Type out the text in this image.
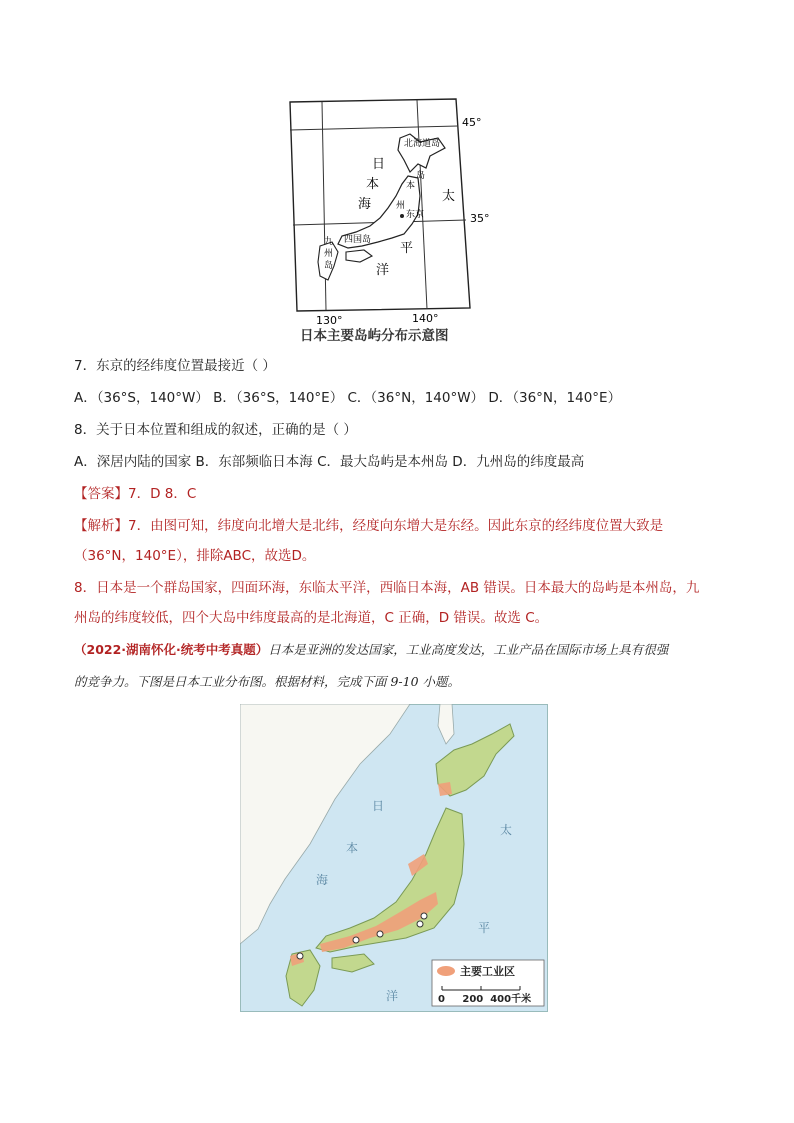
45°
35°
130°	140°
日
本
海
太
平
洋
北海道岛
本
岛
州
东京
四国岛
九
州
岛
日本主要岛屿分布示意图
7．东京的经纬度位置最接近（ ）
A．（36°S，140°W） B．（36°S，140°E） C．（36°N，140°W） D．（36°N，140°E）
8．关于日本位置和组成的叙述，正确的是（ ）
A．深居内陆的国家 B．东部频临日本海 C．最大岛屿是本州岛 D．九州岛的纬度最高
【答案】7．D 8．C
【解析】7．由图可知，纬度向北增大是北纬，经度向东增大是东经。因此东京的经纬度位置大致是
（36°N，140°E），排除ABC，故选D。
8．日本是一个群岛国家，四面环海，东临太平洋，西临日本海，AB 错误。日本最大的岛屿是本州岛，九
州岛的纬度较低，四个大岛中纬度最高的是北海道，C 正确，D 错误。故选 C。
（2022·湖南怀化·统考中考真题）日本是亚洲的发达国家，工业高度发达，工业产品在国际市场上具有很强
的竞争力。下图是日本工业分布图。根据材料，完成下面 9-10 小题。
日
本
海
太
平
洋
主要工业区
0     200  400千米
